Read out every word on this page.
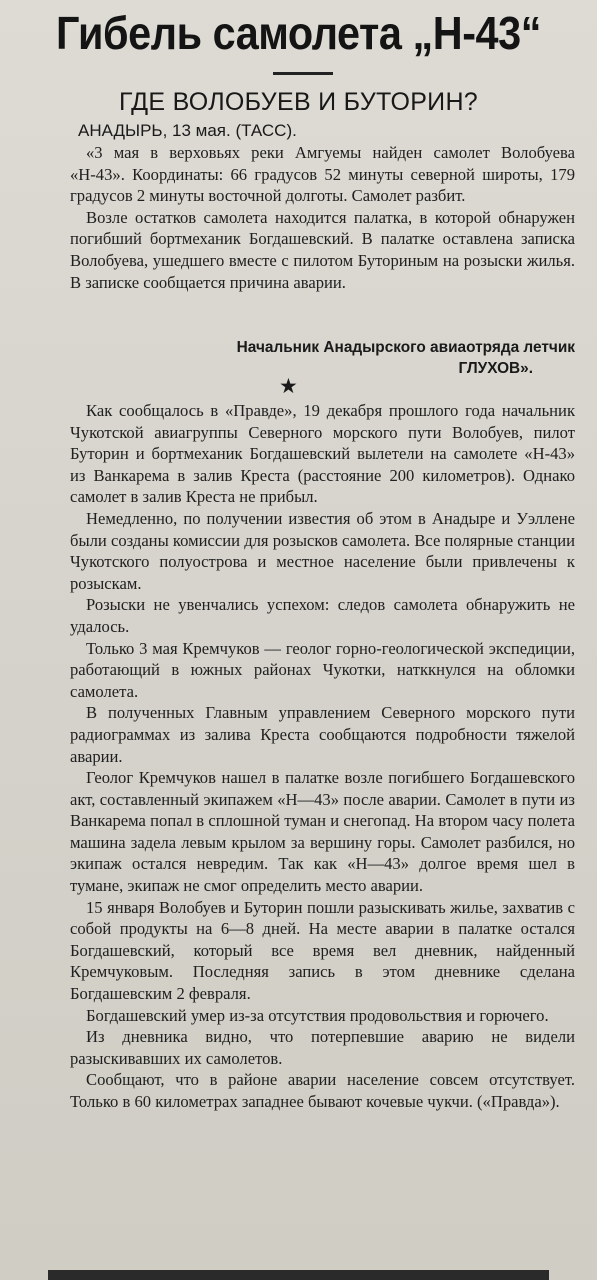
Гибель самолета „Н-43“
ГДЕ ВОЛОБУЕВ И БУТОРИН?
АНАДЫРЬ, 13 мая. (ТАСС).

«3 мая в верховьях реки Амгуемы найден самолет Волобуева «Н-43». Координаты: 66 градусов 52 минуты северной широты, 179 градусов 2 минуты восточной долготы. Самолет разбит.

Возле остатков самолета находится палатка, в которой обнаружен погибший бортмеханик Богдашевский. В палатке оставлена записка Волобуева, ушедшего вместе с пилотом Буториным на розыски жилья. В записке сообщается причина аварии.

Начальник Анадырского авиаотряда летчик
ГЛУХОВ».
★

Как сообщалось в «Правде», 19 декабря прошлого года начальник Чукотской авиагруппы Северного морского пути Волобуев, пилот Буторин и бортмеханик Богдашевский вылетели на самолете «Н-43» из Ванкарема в залив Креста (расстояние 200 километров). Однако самолет в залив Креста не прибыл.

Немедленно, по получении известия об этом в Анадыре и Уэллене были созданы комиссии для розысков самолета. Все полярные станции Чукотского полуострова и местное население были привлечены к розыскам.

Розыски не увенчались успехом: следов самолета обнаружить не удалось.

Только 3 мая Кремчуков — геолог горно-геологической экспедиции, работающий в южных районах Чукотки, натккнулся на обломки самолета.

В полученных Главным управлением Северного морского пути радиограммах из залива Креста сообщаются подробности тяжелой аварии.

Геолог Кремчуков нашел в палатке возле погибшего Богдашевского акт, составленный экипажем «Н—43» после аварии. Самолет в пути из Ванкарема попал в сплошной туман и снегопад. На втором часу полета машина задела левым крылом за вершину горы. Самолет разбился, но экипаж остался невредим. Так как «Н—43» долгое время шел в тумане, экипаж не смог определить место аварии.

15 января Волобуев и Буторин пошли разыскивать жилье, захватив с собой продукты на 6—8 дней. На месте аварии в палатке остался Богдашевский, который все время вел дневник, найденный Кремчуковым. Последняя запись в этом дневнике сделана Богдашевским 2 февраля.

Богдашевский умер из-за отсутствия продовольствия и горючего.

Из дневника видно, что потерпевшие аварию не видели разыскивавших их самолетов.

Сообщают, что в районе аварии население совсем отсутствует. Только в 60 километрах западнее бывают кочевые чукчи. («Правда»).
